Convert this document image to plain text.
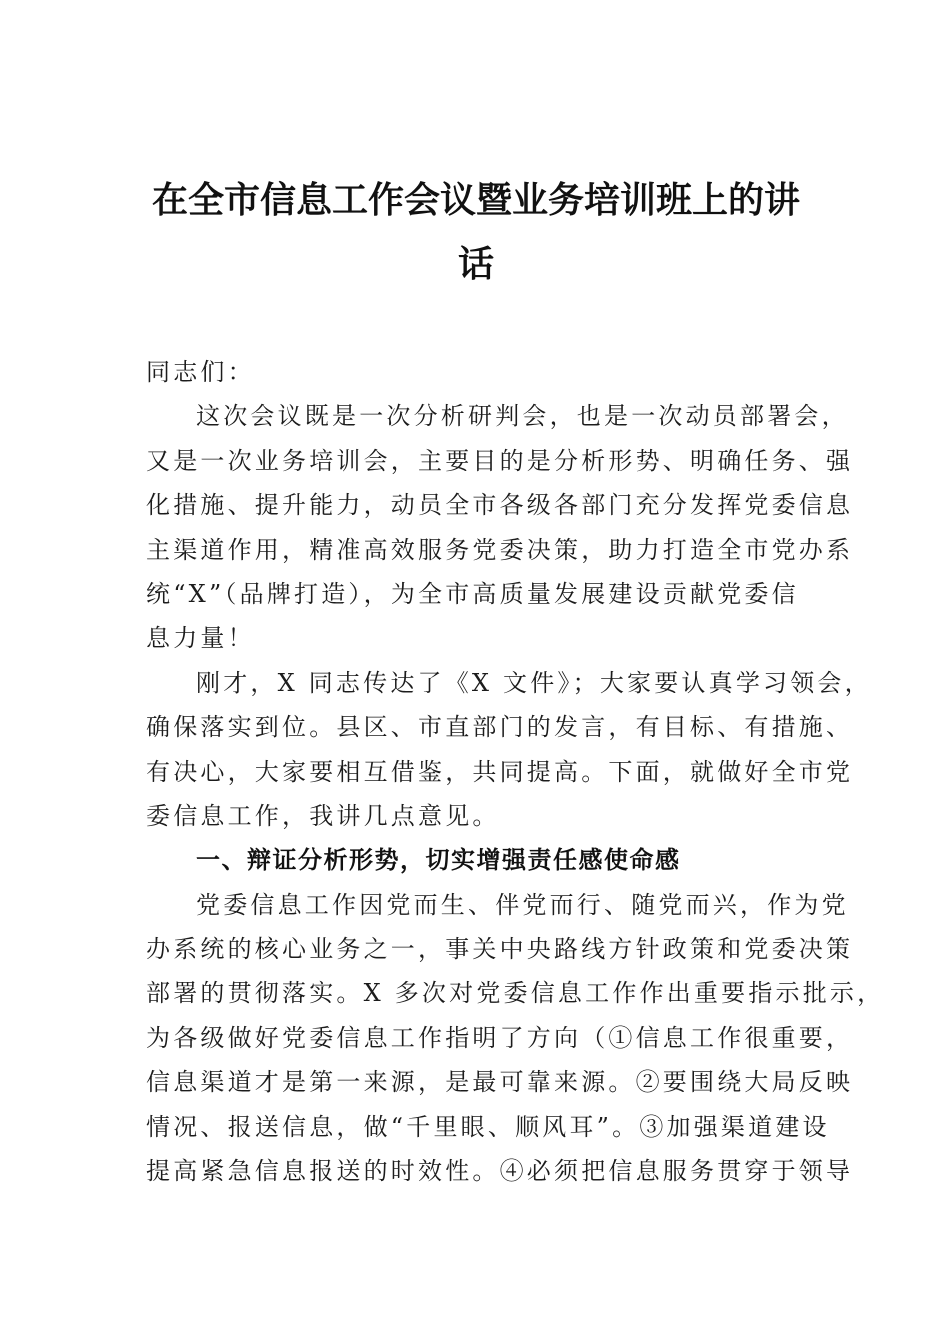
在全市信息工作会议暨业务培训班上的讲
话
同志们：
这次会议既是一次分析研判会，也是一次动员部署会，
又是一次业务培训会，主要目的是分析形势、明确任务、强
化措施、提升能力，动员全市各级各部门充分发挥党委信息
主渠道作用，精准高效服务党委决策，助力打造全市党办系
统“X”（品牌打造），为全市高质量发展建设贡献党委信
息力量！
刚才，X 同志传达了《X 文件》；大家要认真学习领会，
确保落实到位。县区、市直部门的发言，有目标、有措施、
有决心，大家要相互借鉴，共同提高。下面，就做好全市党
委信息工作，我讲几点意见。
一、辩证分析形势，切实增强责任感使命感
党委信息工作因党而生、伴党而行、随党而兴，作为党
办系统的核心业务之一，事关中央路线方针政策和党委决策
部署的贯彻落实。X 多次对党委信息工作作出重要指示批示，
为各级做好党委信息工作指明了方向（①信息工作很重要，
信息渠道才是第一来源，是最可靠来源。②要围绕大局反映
情况、报送信息，做“千里眼、顺风耳”。③加强渠道建设
提高紧急信息报送的时效性。④必须把信息服务贯穿于领导
